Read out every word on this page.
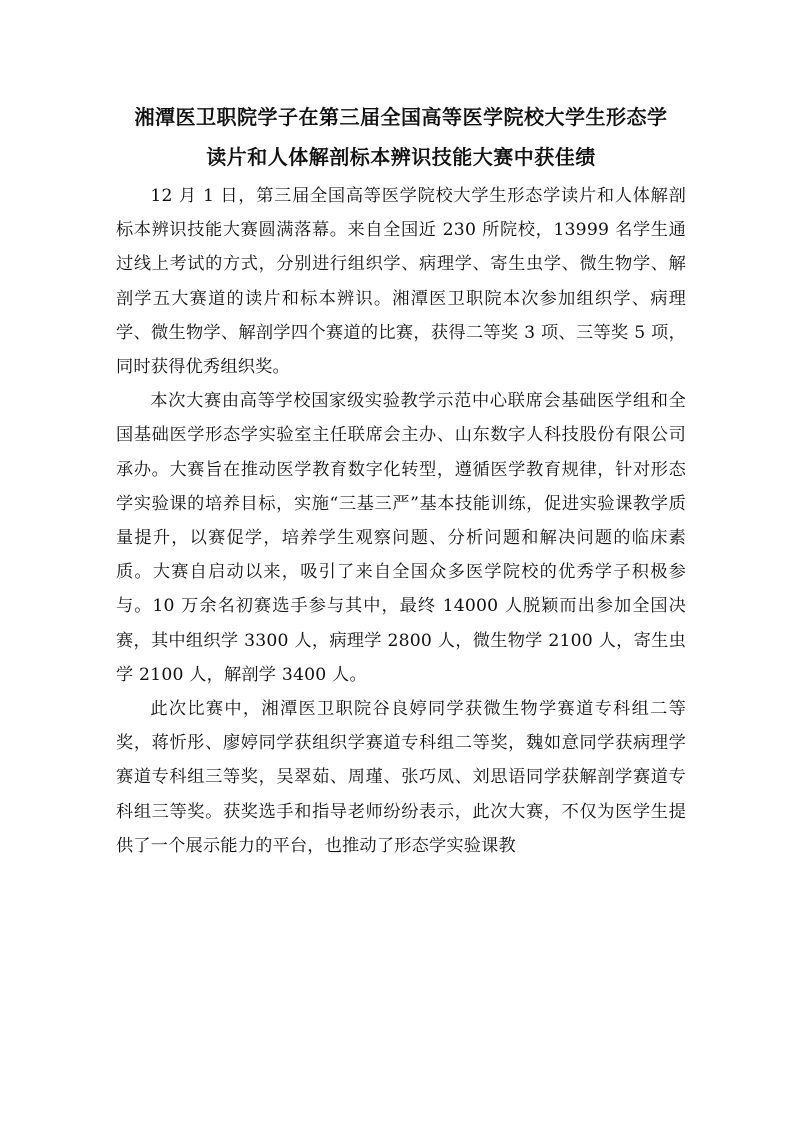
湘潭医卫职院学子在第三届全国高等医学院校大学生形态学
读片和人体解剖标本辨识技能大赛中获佳绩

12 月 1 日，第三届全国高等医学院校大学生形态学读片和人体解剖标本辨识技能大赛圆满落幕。来自全国近 230 所院校，13999 名学生通过线上考试的方式，分别进行组织学、病理学、寄生虫学、微生物学、解剖学五大赛道的读片和标本辨识。湘潭医卫职院本次参加组织学、病理学、微生物学、解剖学四个赛道的比赛，获得二等奖 3 项、三等奖 5 项，同时获得优秀组织奖。

本次大赛由高等学校国家级实验教学示范中心联席会基础医学组和全国基础医学形态学实验室主任联席会主办、山东数字人科技股份有限公司承办。大赛旨在推动医学教育数字化转型，遵循医学教育规律，针对形态学实验课的培养目标，实施“三基三严”基本技能训练，促进实验课教学质量提升，以赛促学，培养学生观察问题、分析问题和解决问题的临床素质。大赛自启动以来，吸引了来自全国众多医学院校的优秀学子积极参与。10 万余名初赛选手参与其中，最终 14000 人脱颖而出参加全国决赛，其中组织学 3300 人，病理学 2800 人，微生物学 2100 人，寄生虫学 2100 人，解剖学 3400 人。

此次比赛中，湘潭医卫职院谷良婷同学获微生物学赛道专科组二等奖，蒋忻彤、廖婷同学获组织学赛道专科组二等奖，魏如意同学获病理学赛道专科组三等奖，吴翠茹、周瑾、张巧凤、刘思语同学获解剖学赛道专科组三等奖。获奖选手和指导老师纷纷表示，此次大赛，不仅为医学生提供了一个展示能力的平台，也推动了形态学实验课教
